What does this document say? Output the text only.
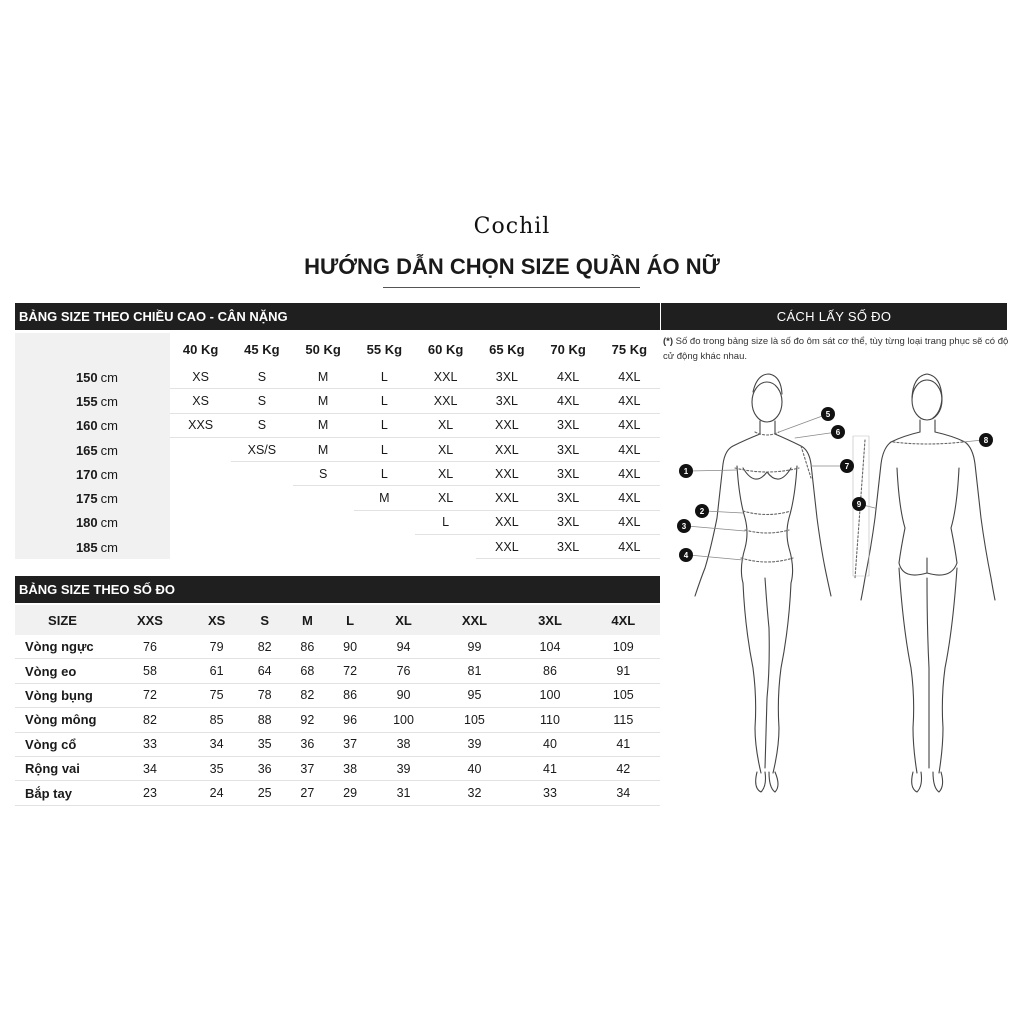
Cochil
HƯỚNG DẪN CHỌN SIZE QUẦN ÁO NỮ
BẢNG SIZE THEO CHIỀU CAO - CÂN NẶNG
	40 Kg	45 Kg	50 Kg	55 Kg	60 Kg	65 Kg	70 Kg	75 Kg
150 cm	XS	S	M	L	XXL	3XL	4XL	4XL
155 cm	XS	S	M	L	XXL	3XL	4XL	4XL
160 cm	XXS	S	M	L	XL	XXL	3XL	4XL
165 cm		XS/S	M	L	XL	XXL	3XL	4XL
170 cm			S	L	XL	XXL	3XL	4XL
175 cm				M	XL	XXL	3XL	4XL
180 cm					L	XXL	3XL	4XL
185 cm						XXL	3XL	4XL
BẢNG SIZE THEO SỐ ĐO
SIZE	XXS	XS	S	M	L	XL	XXL	3XL	4XL
Vòng ngực	76	79	82	86	90	94	99	104	109
Vòng eo	58	61	64	68	72	76	81	86	91
Vòng bụng	72	75	78	82	86	90	95	100	105
Vòng mông	82	85	88	92	96	100	105	110	115
Vòng cổ	33	34	35	36	37	38	39	40	41
Rộng vai	34	35	36	37	38	39	40	41	42
Bắp tay	23	24	25	27	29	31	32	33	34
CÁCH LẤY SỐ ĐO
(*) Số đo trong bảng size là số đo ôm sát cơ thể, tùy từng loại trang phục sẽ có độ cử động khác nhau.
1
2
3
4
5
6
7
8
9
